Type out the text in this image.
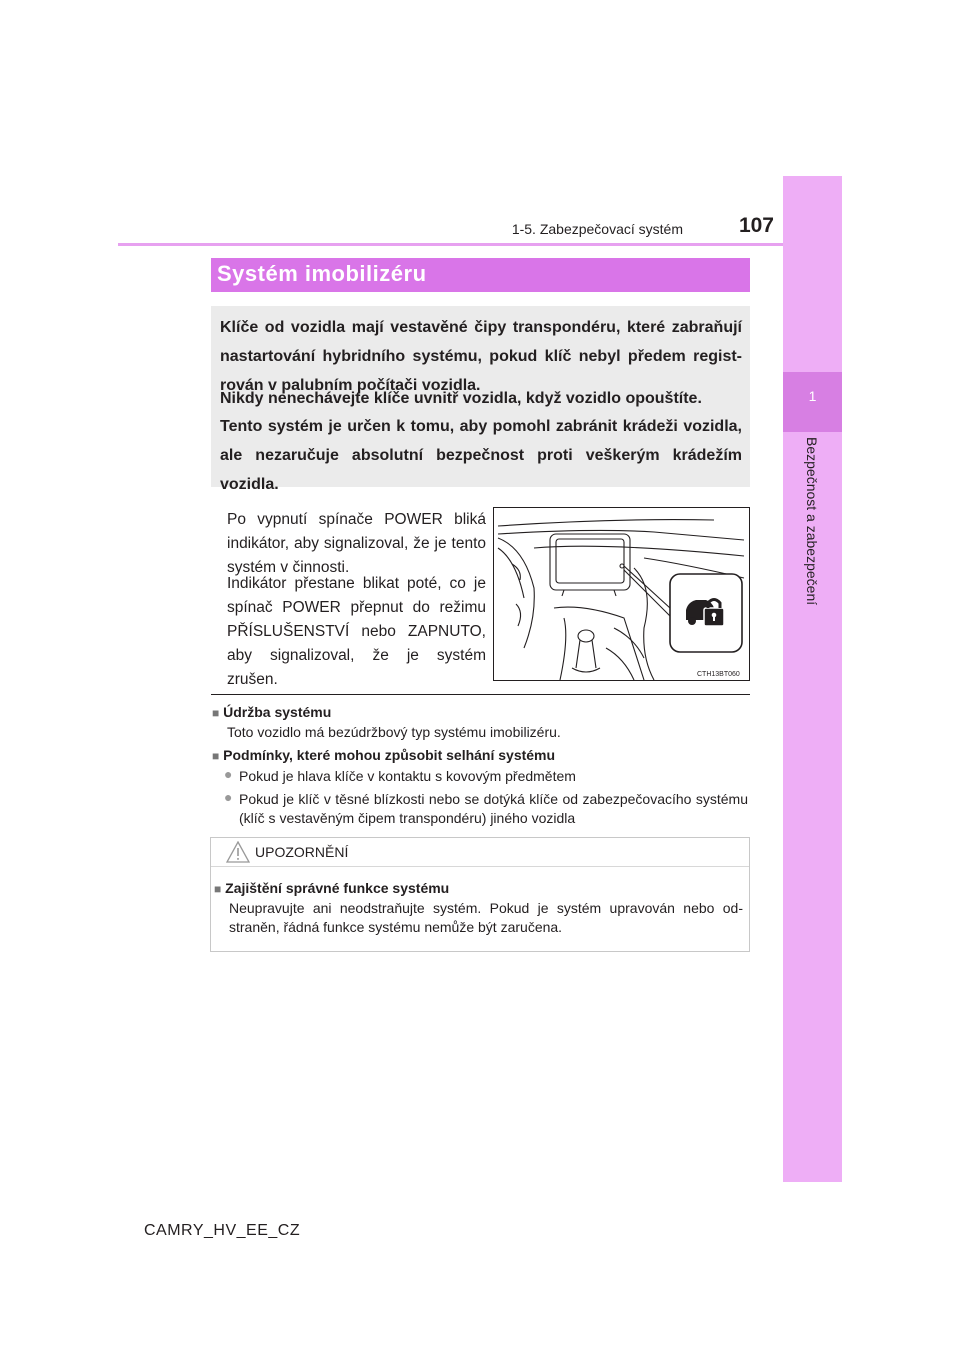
1-5. Zabezpečovací systém	107
1
Bezpečnost a zabezpečení
Systém imobilizéru

Klíče od vozidla mají vestavěné čipy transpondéru, které zabraňují nastartování hybridního systému, pokud klíč nebyl předem regist-rován v palubním počítači vozidla.

Nikdy nenechávejte klíče uvnitř vozidla, když vozidlo opouštíte.

Tento systém je určen k tomu, aby pomohl zabránit krádeži vozidla, ale nezaručuje absolutní bezpečnost proti veškerým krádežím vozidla.

Po vypnutí spínače POWER bliká indikátor, aby signalizoval, že je tento systém v činnosti.

Indikátor přestane blikat poté, co je spínač POWER přepnut do režimu PŘÍSLUŠENSTVÍ nebo ZAPNUTO, aby signalizoval, že je systém zrušen.	CTH13BT060
■ Údržba systému

Toto vozidlo má bezúdržbový typ systému imobilizéru.

■ Podmínky, které mohou způsobit selhání systému
● Pokud je hlava klíče v kontaktu s kovovým předmětem

● Pokud je klíč v těsné blízkosti nebo se dotýká klíče od zabezpečovacího systému (klíč s vestavěným čipem transpondéru) jiného vozidla

UPOZORNĚNÍ
■ Zajištění správné funkce systému

Neupravujte ani neodstraňujte systém. Pokud je systém upravován nebo od-straněn, řádná funkce systému nemůže být zaručena.

CAMRY_HV_EE_CZ
